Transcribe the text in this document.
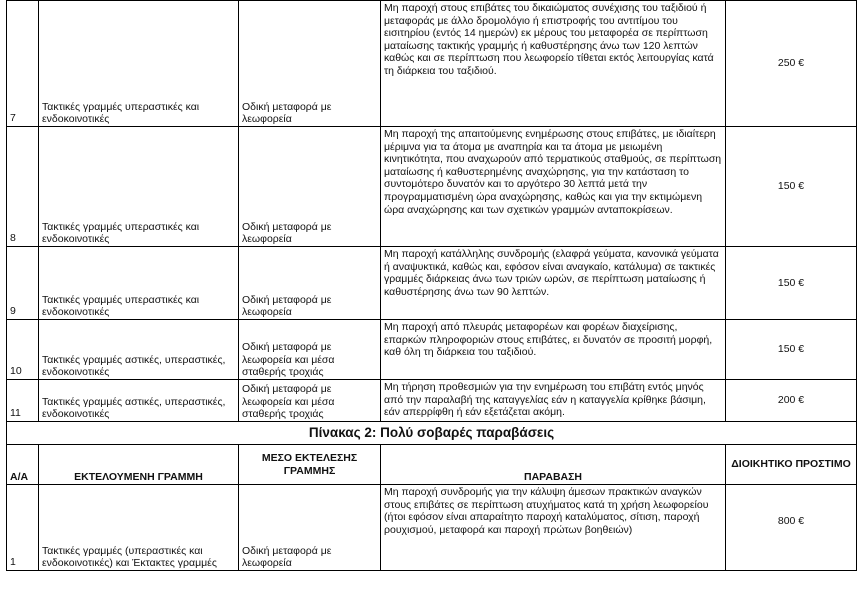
7	Τακτικές γραμμές υπεραστικές και ενδοκοινοτικές	Οδική μεταφορά με λεωφορεία	Μη παροχή στους επιβάτες του δικαιώματος συνέχισης του ταξιδιού ή μεταφοράς με άλλο δρομολόγιο ή επιστροφής του αντιτίμου του εισιτηρίου (εντός 14 ημερών) εκ μέρους του μεταφορέα σε περίπτωση ματαίωσης τακτικής γραμμής ή καθυστέρησης άνω των 120 λεπτών καθώς και σε περίπτωση που λεωφορείο τίθεται εκτός λειτουργίας κατά τη διάρκεια του ταξιδιού.	250 €
8	Τακτικές γραμμές υπεραστικές και ενδοκοινοτικές	Οδική μεταφορά με λεωφορεία	Μη παροχή της απαιτούμενης ενημέρωσης στους επιβάτες, με ιδιαίτερη μέριμνα για τα άτομα με αναπηρία και τα άτομα με μειωμένη κινητικότητα, που αναχωρούν από τερματικούς σταθμούς, σε περίπτωση ματαίωσης ή καθυστερημένης αναχώρησης, για την κατάσταση το συντομότερο δυνατόν και το αργότερο 30 λεπτά μετά την προγραμματισμένη ώρα αναχώρησης, καθώς και για την εκτιμώμενη ώρα αναχώρησης και των σχετικών γραμμών ανταποκρίσεων.	150 €
9	Τακτικές γραμμές υπεραστικές και ενδοκοινοτικές	Οδική μεταφορά με λεωφορεία	Μη παροχή κατάλληλης συνδρομής (ελαφρά γεύματα, κανονικά γεύματα ή αναψυκτικά, καθώς και, εφόσον είναι αναγκαίο, κατάλυμα) σε τακτικές γραμμές διάρκειας άνω των τριών ωρών, σε περίπτωση ματαίωσης ή καθυστέρησης άνω των 90 λεπτών.	150 €
10	Τακτικές γραμμές αστικές, υπεραστικές, ενδοκοινοτικές	Οδική μεταφορά με λεωφορεία και μέσα σταθερής τροχιάς	Μη παροχή από πλευράς μεταφορέων και φορέων διαχείρισης, επαρκών πληροφοριών στους επιβάτες, ει δυνατόν σε προσιτή μορφή, καθ όλη τη διάρκεια του ταξιδιού.	150 €
11	Τακτικές γραμμές αστικές, υπεραστικές, ενδοκοινοτικές	Οδική μεταφορά με λεωφορεία και μέσα σταθερής τροχιάς	Μη τήρηση προθεσμιών για την ενημέρωση του επιβάτη εντός μηνός από την παραλαβή της καταγγελίας εάν η καταγγελία κρίθηκε βάσιμη, εάν απερρίφθη ή εάν εξετάζεται ακόμη.	200 €
Πίνακας 2: Πολύ σοβαρές παραβάσεις				
Α/Α	ΕΚΤΕΛΟΥΜΕΝΗ ΓΡΑΜΜΗ	ΜΕΣΟ ΕΚΤΕΛΕΣΗΣ ΓΡΑΜΜΗΣ	ΠΑΡΑΒΑΣΗ	ΔΙΟΙΚΗΤΙΚΟ ΠΡΟΣΤΙΜΟ
1	Τακτικές γραμμές (υπεραστικές και ενδοκοινοτικές) και Έκτακτες γραμμές	Οδική μεταφορά με λεωφορεία	Μη παροχή συνδρομής για την κάλυψη άμεσων πρακτικών αναγκών στους επιβάτες σε περίπτωση ατυχήματος κατά τη χρήση λεωφορείου (ήτοι εφόσον είναι απαραίτητο παροχή καταλύματος, σίτιση, παροχή ρουχισμού, μεταφορά και παροχή πρώτων βοηθειών)	800 €
